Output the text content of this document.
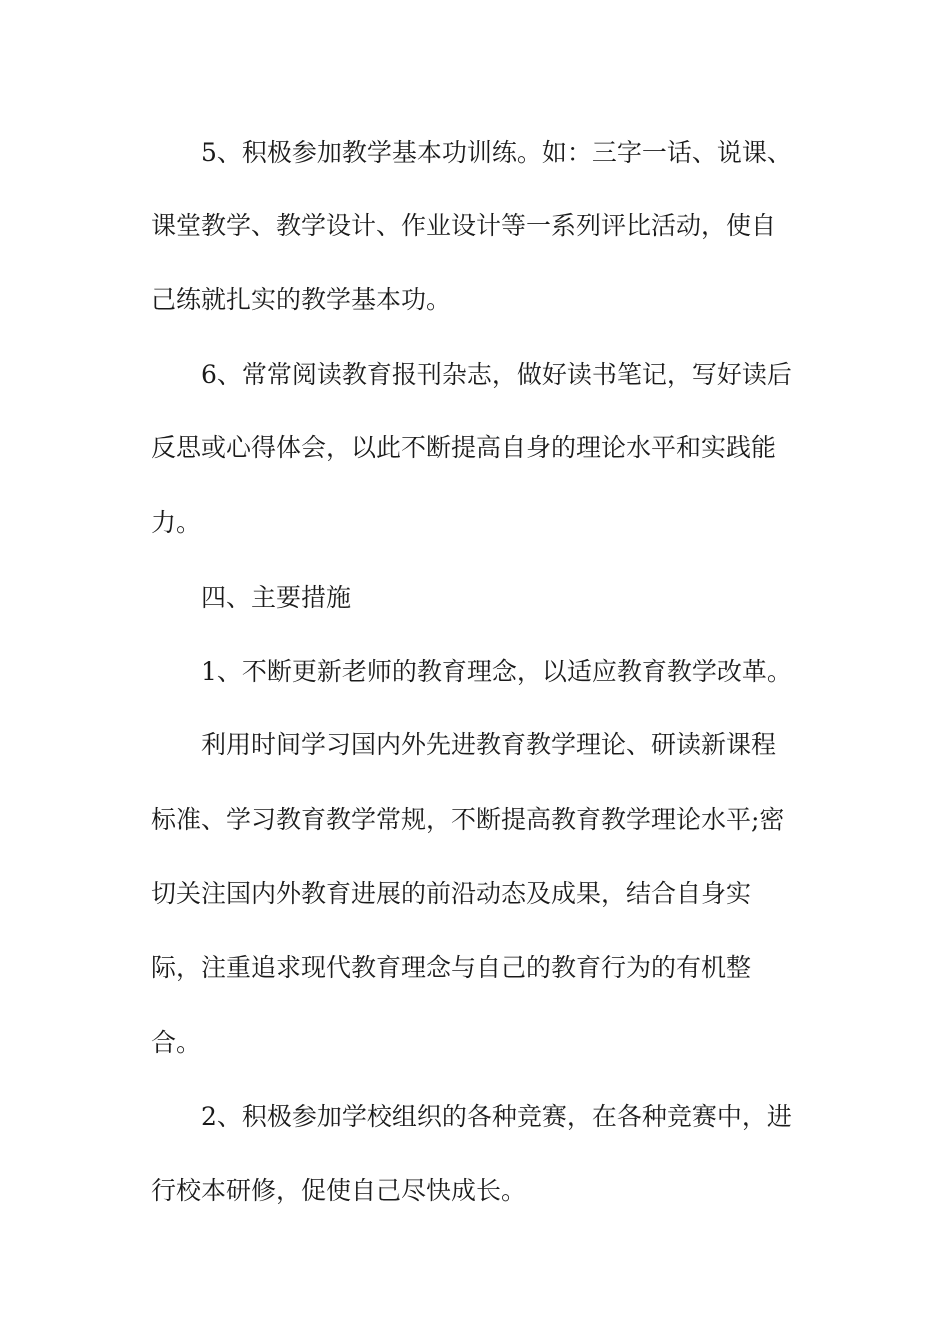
5、积极参加教学基本功训练。如：三字一话、说课、

课堂教学、教学设计、作业设计等一系列评比活动，使自

己练就扎实的教学基本功。

6、常常阅读教育报刊杂志，做好读书笔记，写好读后

反思或心得体会，以此不断提高自身的理论水平和实践能

力。

四、主要措施

1、不断更新老师的教育理念，以适应教育教学改革。

利用时间学习国内外先进教育教学理论、研读新课程

标准、学习教育教学常规，不断提高教育教学理论水平;密

切关注国内外教育进展的前沿动态及成果，结合自身实

际，注重追求现代教育理念与自己的教育行为的有机整

合。

2、积极参加学校组织的各种竞赛，在各种竞赛中，进

行校本研修，促使自己尽快成长。
